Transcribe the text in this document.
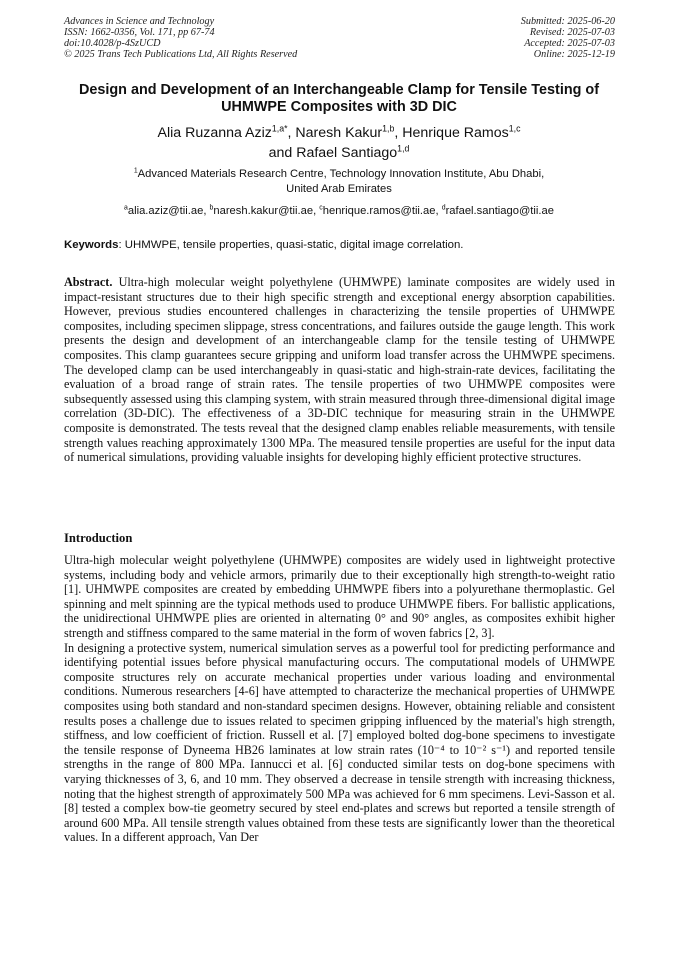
Advances in Science and Technology
ISSN: 1662-0356, Vol. 171, pp 67-74
doi:10.4028/p-4SzUCD
© 2025 Trans Tech Publications Ltd, All Rights Reserved
Submitted: 2025-06-20
Revised: 2025-07-03
Accepted: 2025-07-03
Online: 2025-12-19
Design and Development of an Interchangeable Clamp for Tensile Testing of UHMWPE Composites with 3D DIC
Alia Ruzanna Aziz$^{1,a*}$, Naresh Kakur$^{1,b}$, Henrique Ramos$^{1,c}$
and Rafael Santiago$^{1,d}$
$^1$Advanced Materials Research Centre, Technology Innovation Institute, Abu Dhabi,
United Arab Emirates
$^a$alia.aziz@tii.ae, $^b$naresh.kakur@tii.ae, $^c$henrique.ramos@tii.ae, $^d$rafael.santiago@tii.ae
Keywords: UHMWPE, tensile properties, quasi-static, digital image correlation.
Abstract. Ultra-high molecular weight polyethylene (UHMWPE) laminate composites are widely used in impact-resistant structures due to their high specific strength and exceptional energy absorption capabilities. However, previous studies encountered challenges in characterizing the tensile properties of UHMWPE composites, including specimen slippage, stress concentrations, and failures outside the gauge length. This work presents the design and development of an interchangeable clamp for the tensile testing of UHMWPE composites. This clamp guarantees secure gripping and uniform load transfer across the UHMWPE specimens. The developed clamp can be used interchangeably in quasi-static and high-strain-rate devices, facilitating the evaluation of a broad range of strain rates. The tensile properties of two UHMWPE composites were subsequently assessed using this clamping system, with strain measured through three-dimensional digital image correlation (3D-DIC). The effectiveness of a 3D-DIC technique for measuring strain in the UHMWPE composite is demonstrated. The tests reveal that the designed clamp enables reliable measurements, with tensile strength values reaching approximately 1300 MPa. The measured tensile properties are useful for the input data of numerical simulations, providing valuable insights for developing highly efficient protective structures.
Introduction

Ultra-high molecular weight polyethylene (UHMWPE) composites are widely used in lightweight protective systems, including body and vehicle armors, primarily due to their exceptionally high strength-to-weight ratio [1]. UHMWPE composites are created by embedding UHMWPE fibers into a polyurethane thermoplastic. Gel spinning and melt spinning are the typical methods used to produce UHMWPE fibers. For ballistic applications, the unidirectional UHMWPE plies are oriented in alternating 0° and 90° angles, as composites exhibit higher strength and stiffness compared to the same material in the form of woven fabrics [2, 3].

In designing a protective system, numerical simulation serves as a powerful tool for predicting performance and identifying potential issues before physical manufacturing occurs. The computational models of UHMWPE composite structures rely on accurate mechanical properties under various loading and environmental conditions. Numerous researchers [4-6] have attempted to characterize the mechanical properties of UHMWPE composites using both standard and non-standard specimen designs. However, obtaining reliable and consistent results poses a challenge due to issues related to specimen gripping influenced by the material's high strength, stiffness, and low coefficient of friction. Russell et al. [7] employed bolted dog-bone specimens to investigate the tensile response of Dyneema HB26 laminates at low strain rates (10⁻⁴ to 10⁻² s⁻¹) and reported tensile strengths in the range of 800 MPa. Iannucci et al. [6] conducted similar tests on dog-bone specimens with varying thicknesses of 3, 6, and 10 mm. They observed a decrease in tensile strength with increasing thickness, noting that the highest strength of approximately 500 MPa was achieved for 6 mm specimens. Levi-Sasson et al. [8] tested a complex bow-tie geometry secured by steel end-plates and screws but reported a tensile strength of around 600 MPa. All tensile strength values obtained from these tests are significantly lower than the theoretical values. In a different approach, Van Der
